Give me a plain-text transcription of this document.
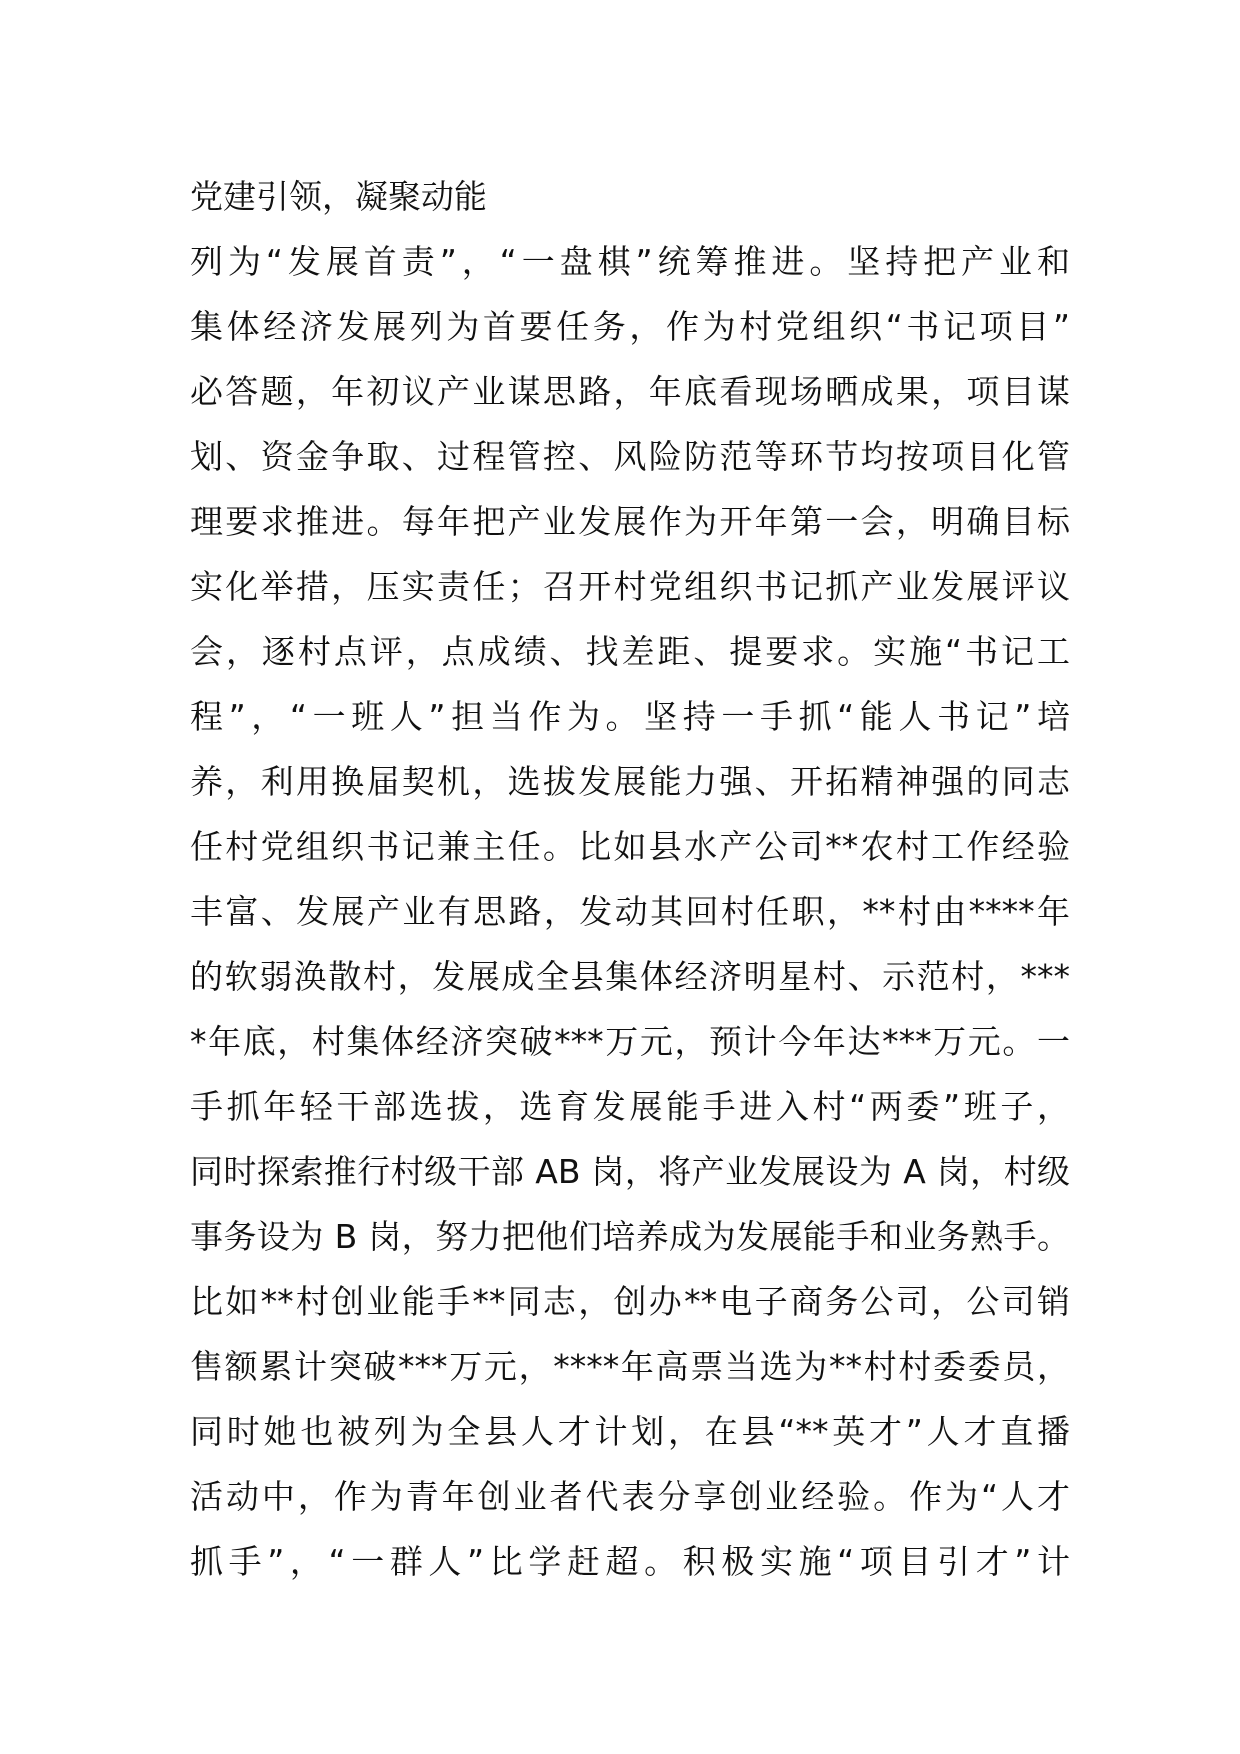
党建引领，凝聚动能
列为“发展首责”，“一盘棋”统筹推进。坚持把产业和
集体经济发展列为首要任务，作为村党组织“书记项目”
必答题，年初议产业谋思路，年底看现场晒成果，项目谋
划、资金争取、过程管控、风险防范等环节均按项目化管
理要求推进。每年把产业发展作为开年第一会，明确目标
实化举措，压实责任；召开村党组织书记抓产业发展评议
会，逐村点评，点成绩、找差距、提要求。实施“书记工
程”，“一班人”担当作为。坚持一手抓“能人书记”培
养，利用换届契机，选拔发展能力强、开拓精神强的同志
任村党组织书记兼主任。比如县水产公司**农村工作经验
丰富、发展产业有思路，发动其回村任职，**村由****年
的软弱涣散村，发展成全县集体经济明星村、示范村，***
*年底，村集体经济突破***万元，预计今年达***万元。一
手抓年轻干部选拔，选育发展能手进入村“两委”班子，
同时探索推行村级干部 AB 岗，将产业发展设为 A 岗，村级
事务设为 B 岗，努力把他们培养成为发展能手和业务熟手。
比如**村创业能手**同志，创办**电子商务公司，公司销
售额累计突破***万元，****年高票当选为**村村委委员，
同时她也被列为全县人才计划，在县“**英才”人才直播
活动中，作为青年创业者代表分享创业经验。作为“人才
抓手”，“一群人”比学赶超。积极实施“项目引才”计
